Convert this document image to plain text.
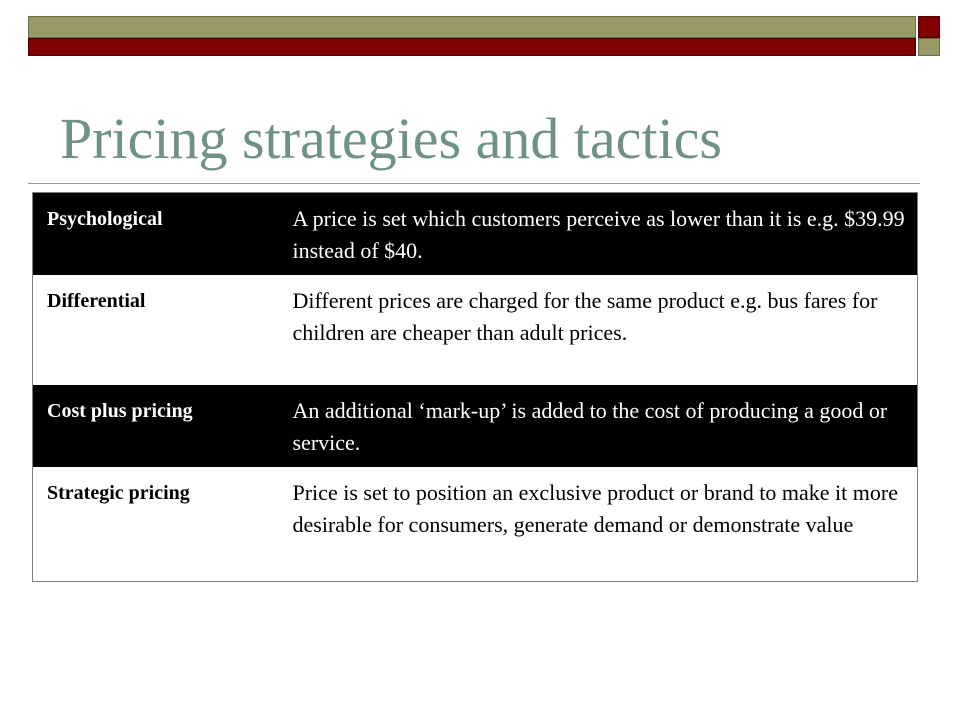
Pricing strategies and tactics
Psychological	A price is set which customers perceive as lower than it is e.g. $39.99 instead of $40.
Differential	Different prices are charged for the same product e.g. bus fares for children are cheaper than adult prices.
Cost plus pricing	An additional ‘mark-up’ is added to the cost of producing a good or service.
Strategic pricing	Price is set to position an exclusive product or brand to make it more desirable for consumers, generate demand or demonstrate value
